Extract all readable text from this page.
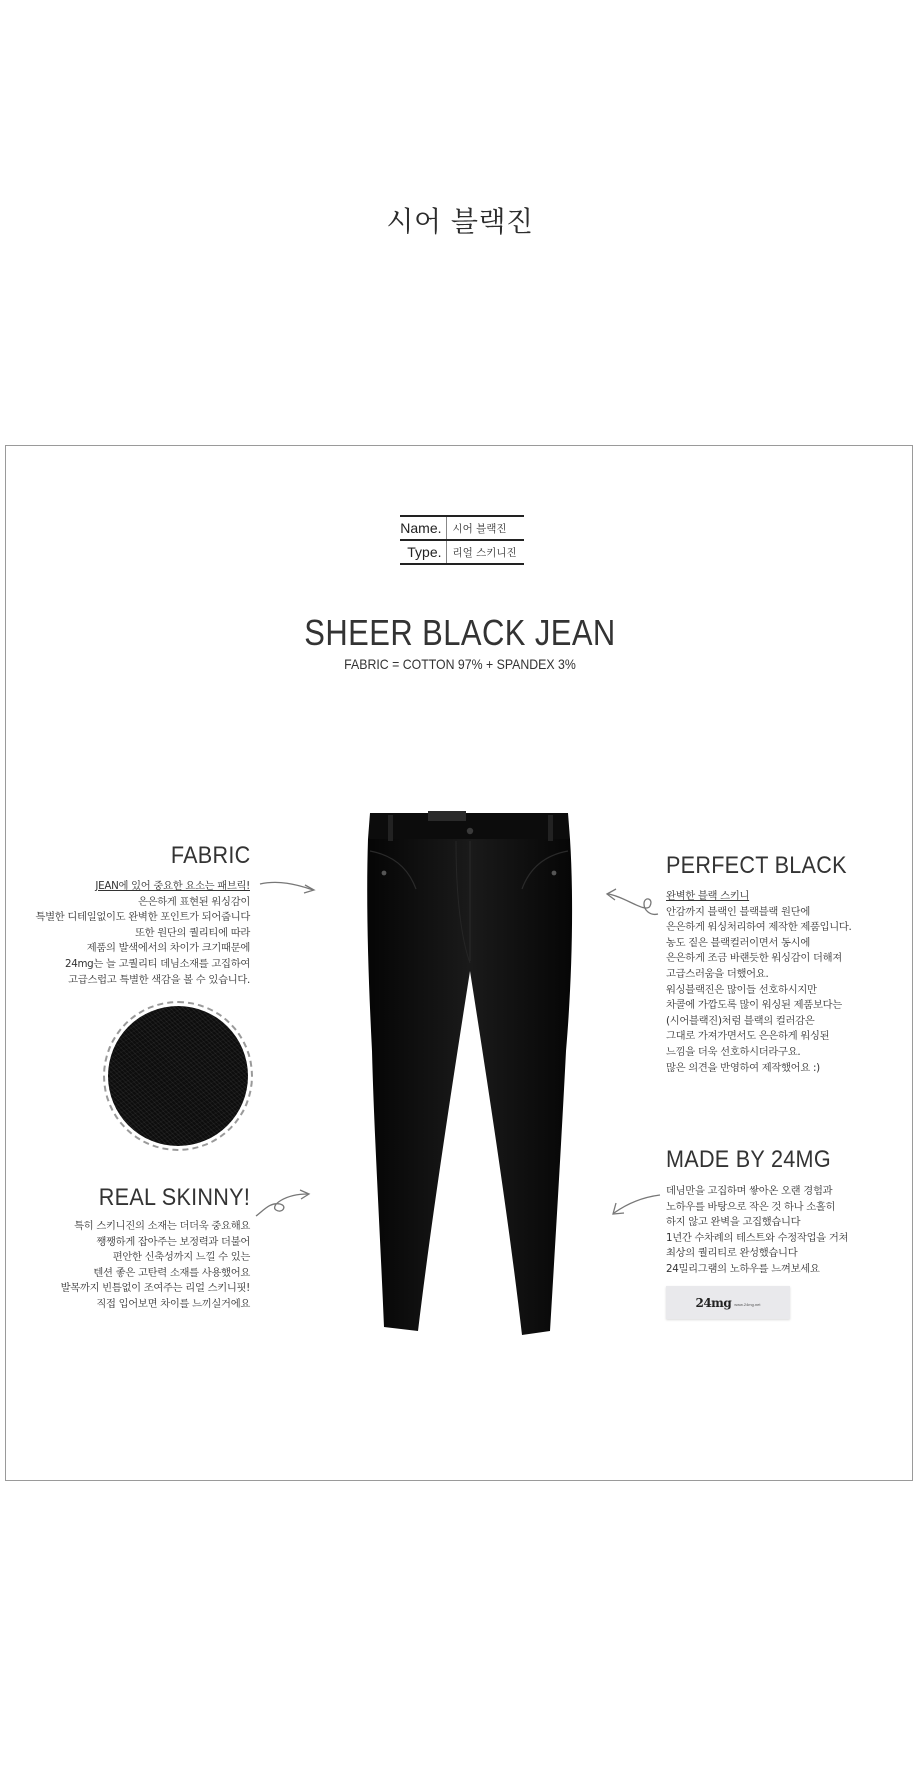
시어 블랙진
Name.	시어 블랙진
Type.	리얼 스키니진
SHEER BLACK JEAN
FABRIC = COTTON 97% + SPANDEX 3%
FABRIC
JEAN에 있어 중요한 요소는 패브릭!
은은하게 표현된 워싱감이
특별한 디테일없이도 완벽한 포인트가 되어줍니다
또한 원단의 퀄리티에 따라
제품의 발색에서의 차이가 크기때문에
24mg는 늘 고퀄리티 데님소재를 고집하여
고급스럽고 특별한 색감을 볼 수 있습니다.
REAL SKINNY!
특히 스키니진의 소재는 더더욱 중요해요
쨍쨍하게 잡아주는 보정력과 더불어
편안한 신축성까지 느낄 수 있는
텐션 좋은 고탄력 소재를 사용했어요
발목까지 빈틈없이 조여주는 리얼 스키니핏!
직접 입어보면 차이를 느끼실거에요
PERFECT BLACK
완벽한 블랙 스키니
안감까지 블랙인 블랙블랙 원단에
은은하게 워싱처리하여 제작한 제품입니다.
농도 짙은 블랙컬러이면서 동시에
은은하게 조금 바랜듯한 워싱감이 더해져
고급스러움을 더했어요.
워싱블랙진은 많이들 선호하시지만
차콜에 가깝도록 많이 워싱된 제품보다는
(시어블랙진)처럼 블랙의 컬러감은
그대로 가져가면서도 은은하게 워싱된
느낌을 더욱 선호하시더라구요.
많은 의견을 반영하여 제작했어요 :)
MADE BY 24MG
데님만을 고집하며 쌓아온 오랜 경험과
노하우를 바탕으로 작은 것 하나 소홀히
하지 않고 완벽을 고집했습니다
1년간 수차례의 테스트와 수정작업을 거쳐
최상의 퀄리티로 완성했습니다
24밀리그램의 노하우를 느껴보세요
24mg www.24mg.net
